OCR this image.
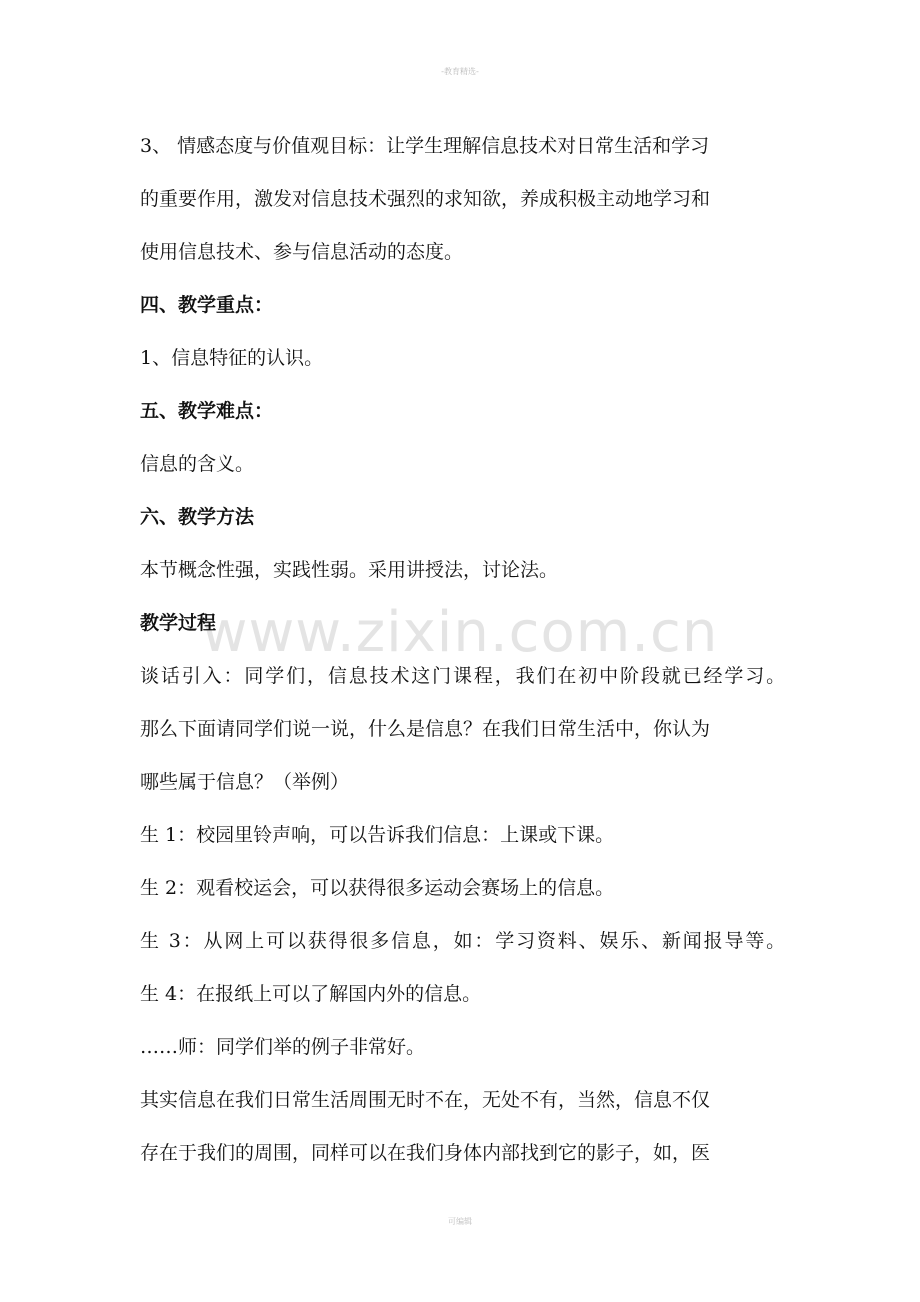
-教育精选-
www.zixin.com.cn

3、 情感态度与价值观目标：让学生理解信息技术对日常生活和学习

的重要作用，激发对信息技术强烈的求知欲，养成积极主动地学习和

使用信息技术、参与信息活动的态度。

四、教学重点：

1、信息特征的认识。

五、教学难点：

信息的含义。

六、教学方法

本节概念性强，实践性弱。采用讲授法，讨论法。

教学过程

谈话引入：同学们，信息技术这门课程，我们在初中阶段就已经学习。

那么下面请同学们说一说，什么是信息？在我们日常生活中，你认为

哪些属于信息？（举例）

生 1：校园里铃声响，可以告诉我们信息：上课或下课。

生 2：观看校运会，可以获得很多运动会赛场上的信息。

生 3：从网上可以获得很多信息，如：学习资料、娱乐、新闻报导等。

生 4：在报纸上可以了解国内外的信息。

……师：同学们举的例子非常好。

其实信息在我们日常生活周围无时不在，无处不有，当然，信息不仅

存在于我们的周围，同样可以在我们身体内部找到它的影子，如，医

可编辑
